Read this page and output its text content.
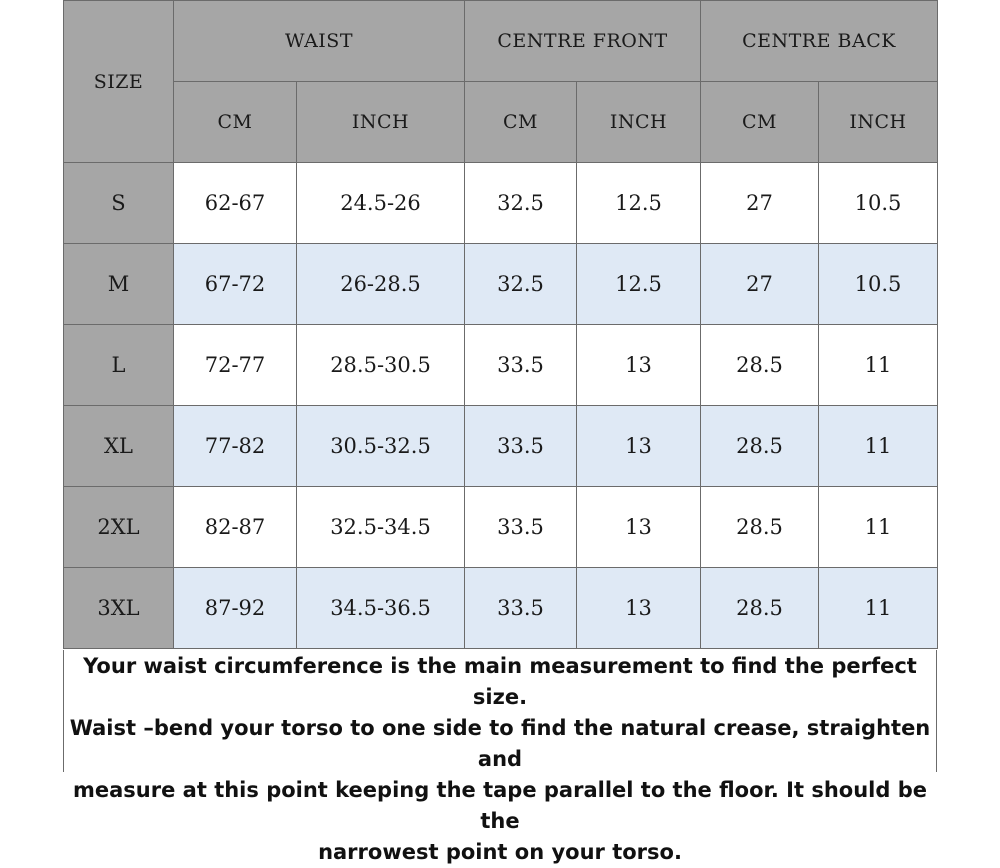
SIZE	WAIST		CENTRE FRONT		CENTRE BACK	
	CM	INCH	CM	INCH	CM	INCH
S	62-67	24.5-26	32.5	12.5	27	10.5
M	67-72	26-28.5	32.5	12.5	27	10.5
L	72-77	28.5-30.5	33.5	13	28.5	11
XL	77-82	30.5-32.5	33.5	13	28.5	11
2XL	82-87	32.5-34.5	33.5	13	28.5	11
3XL	87-92	34.5-36.5	33.5	13	28.5	11

Your waist circumference is the main measurement to find the perfect size.

Waist –bend your torso to one side to find the natural crease, straighten and

measure at this point keeping the tape parallel to the floor. It should be the

narrowest point on your torso.
